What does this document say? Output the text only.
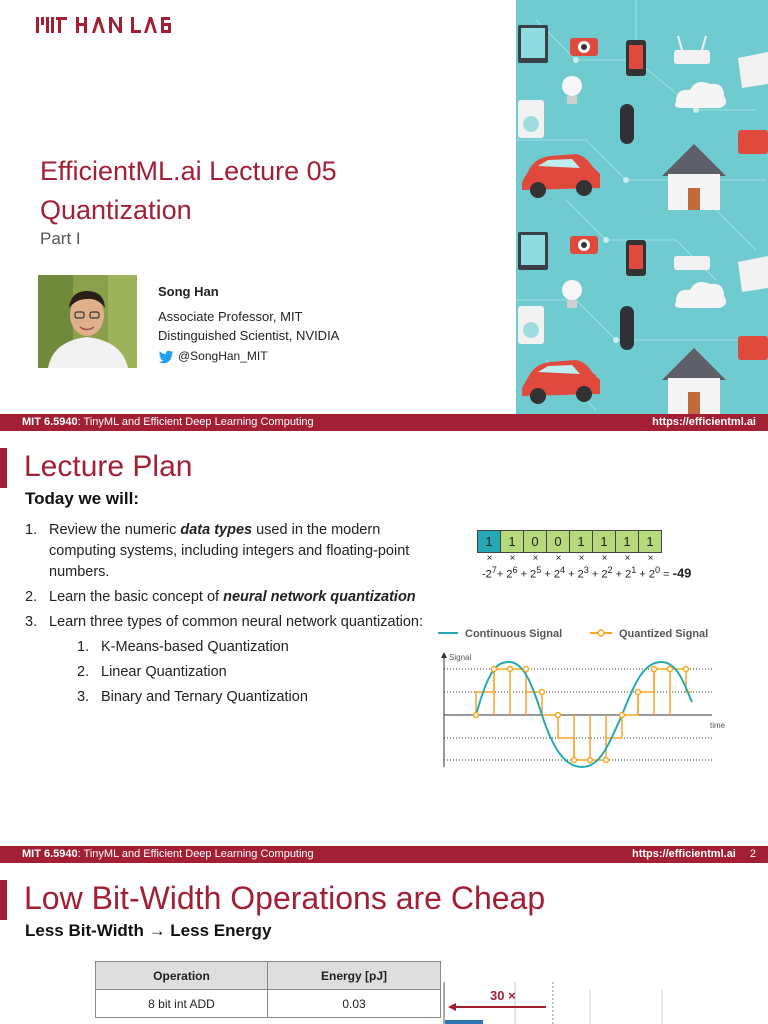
EfficientML.ai Lecture 05
Quantization
Part I
Song Han
Associate Professor, MIT
Distinguished Scientist, NVIDIA
@SongHan_MIT
MIT 6.5940: TinyML and Efficient Deep Learning Computing	https://efficientml.ai
Lecture Plan
Today we will:
1. Review the numeric data types used in the modern computing systems, including integers and floating-point numbers.
2. Learn the basic concept of neural network quantization
3. Learn three types of common neural network quantization:
1. K-Means-based Quantization
2. Linear Quantization
3. Binary and Ternary Quantization
1	1	0	0	1	1	1	1
×	×	×	×	×	×	×	×
$-2^7+ 2^6 + 2^5 + 2^4 + 2^3 + 2^2 + 2^1 + 2^0 = -49$
Continuous Signal	Quantized Signal
Signal
time
MIT 6.5940: TinyML and Efficient Deep Learning Computing	https://efficientml.ai 2
Low Bit-Width Operations are Cheap
Less Bit-Width → Less Energy
Operation	Energy [pJ]
8 bit int ADD	0.03
30 ×
